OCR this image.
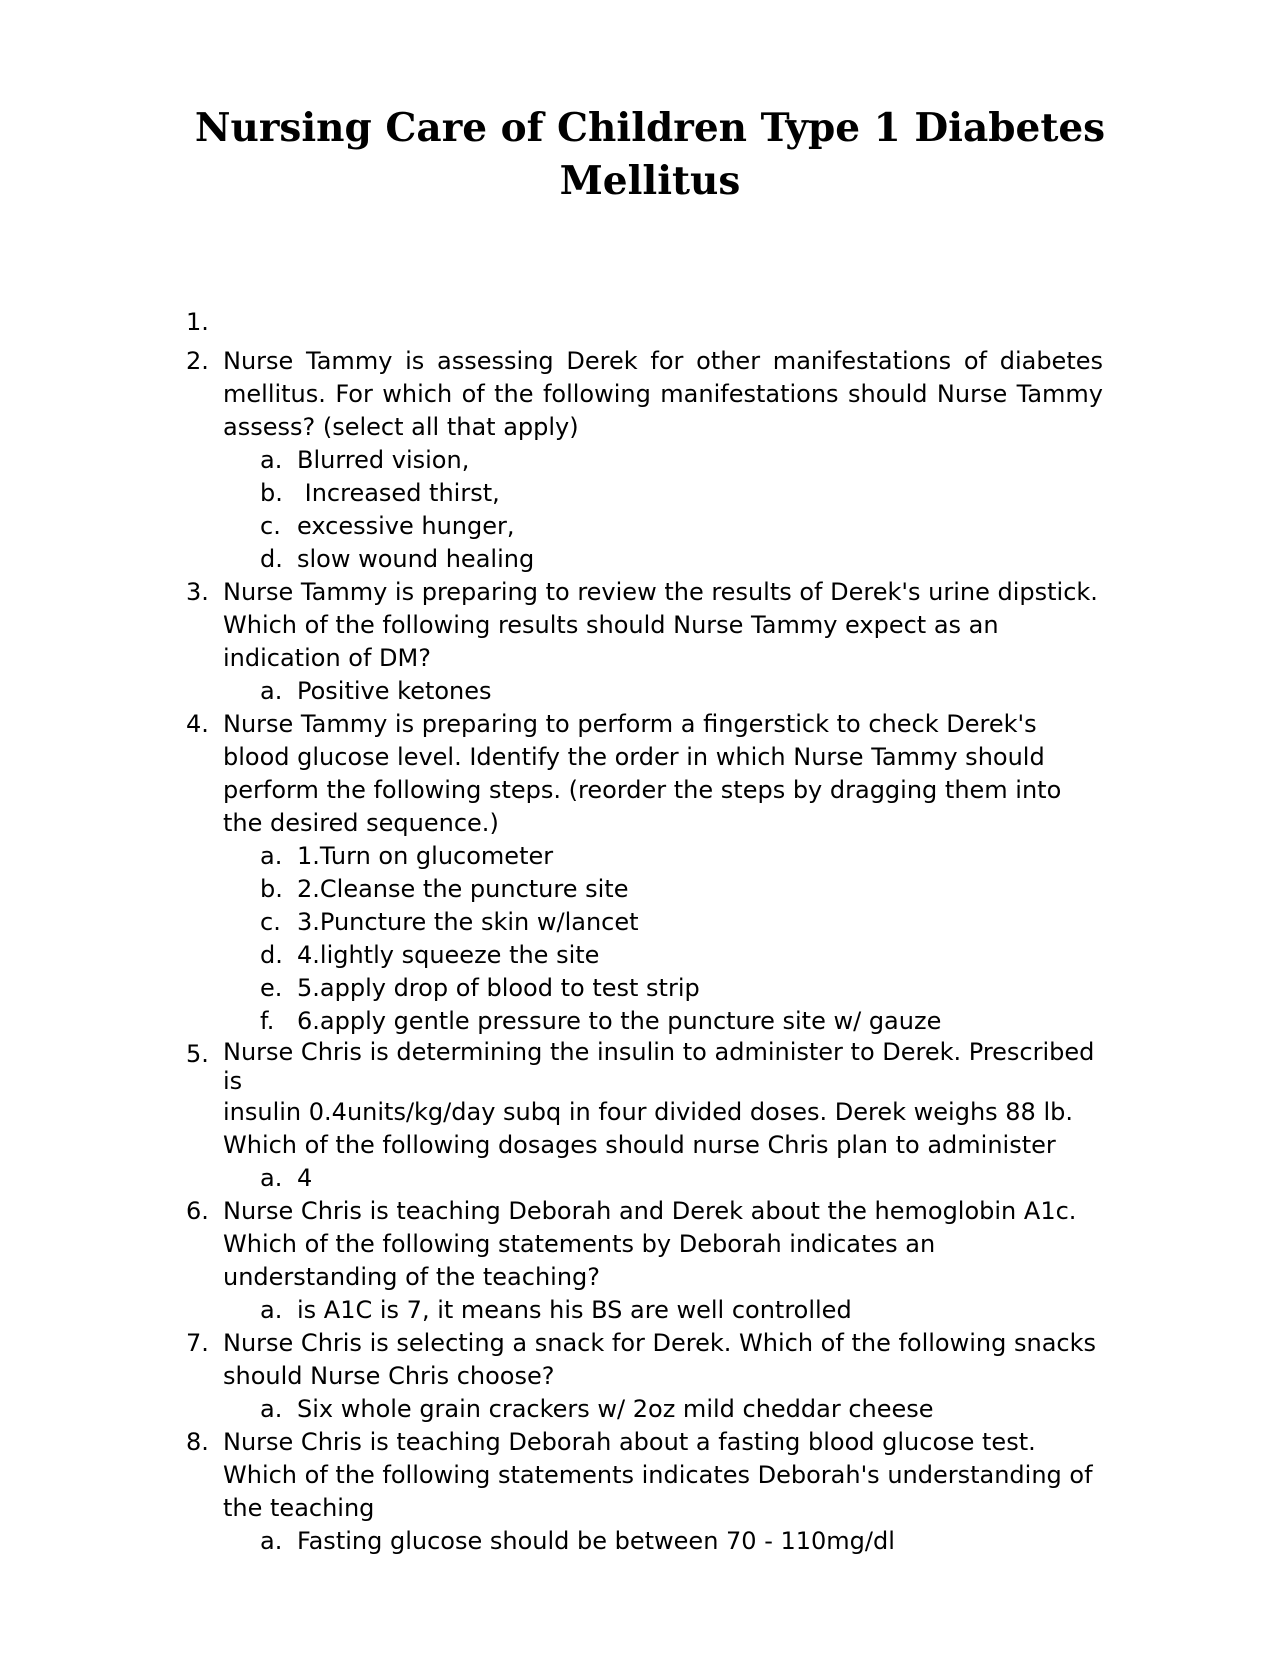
Nursing Care of Children Type 1 Diabetes Mellitus
1.
2. Nurse Tammy is assessing Derek for other manifestations of diabetes mellitus. For which of the following manifestations should Nurse Tammy assess? (select all that apply)
a. Blurred vision,
b. Increased thirst,
c. excessive hunger,
d. slow wound healing
3. Nurse Tammy is preparing to review the results of Derek's urine dipstick. Which of the following results should Nurse Tammy expect as an indication of DM?
a. Positive ketones
4. Nurse Tammy is preparing to perform a fingerstick to check Derek's blood glucose level. Identify the order in which Nurse Tammy should perform the following steps. (reorder the steps by dragging them into the desired sequence.)
a. 1.Turn on glucometer
b. 2.Cleanse the puncture site
c. 3.Puncture the skin w/lancet
d. 4.lightly squeeze the site
e. 5.apply drop of blood to test strip
f. 6.apply gentle pressure to the puncture site w/ gauze
5. Nurse Chris is determining the insulin to administer to Derek. Prescribed is
insulin 0.4units/kg/day subq in four divided doses. Derek weighs 88 lb. Which of the following dosages should nurse Chris plan to administer
a. 4
6. Nurse Chris is teaching Deborah and Derek about the hemoglobin A1c. Which of the following statements by Deborah indicates an understanding of the teaching?
a. is A1C is 7, it means his BS are well controlled
7. Nurse Chris is selecting a snack for Derek. Which of the following snacks should Nurse Chris choose?
a. Six whole grain crackers w/ 2oz mild cheddar cheese
8. Nurse Chris is teaching Deborah about a fasting blood glucose test. Which of the following statements indicates Deborah's understanding of the teaching
a. Fasting glucose should be between 70 - 110mg/dl
